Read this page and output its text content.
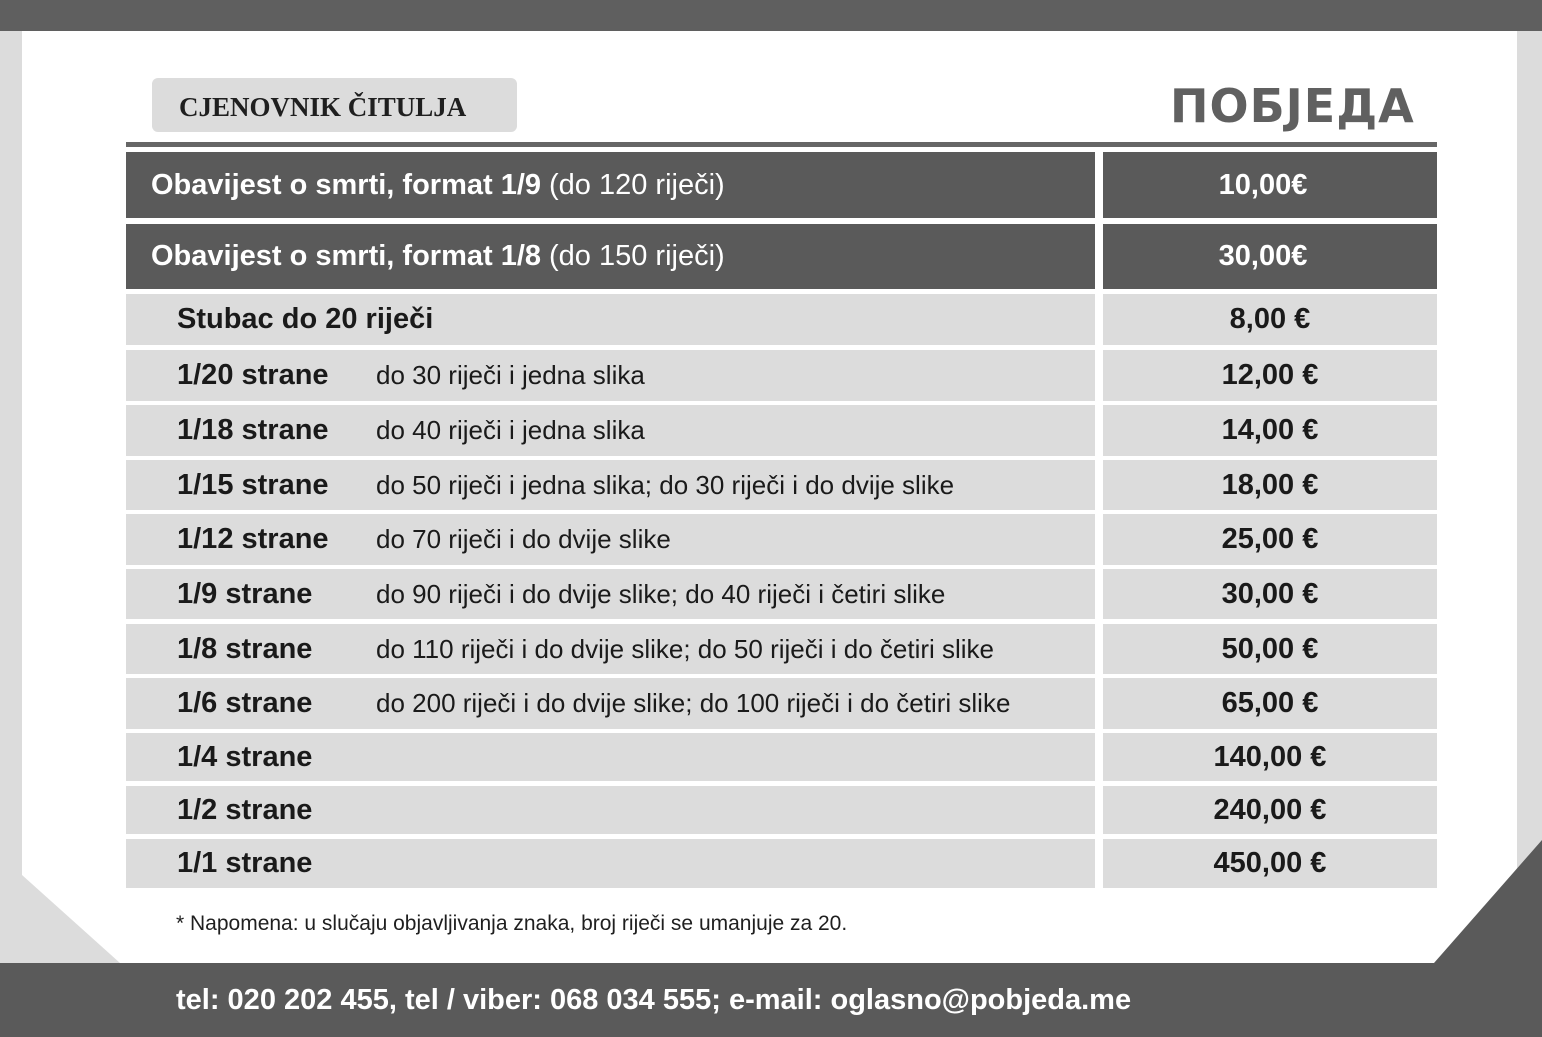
CJENOVNIK ČITULJA	ПОБЈЕДА
Obavijest o smrti, format 1/9 (do 120 riječi)	10,00€
Obavijest o smrti, format 1/8 (do 150 riječi)	30,00€
Stubac do 20 riječi	8,00 €
1/20 strane do 30 riječi i jedna slika	12,00 €
1/18 strane do 40 riječi i jedna slika	14,00 €
1/15 strane do 50 riječi i jedna slika; do 30 riječi i do dvije slike	18,00 €
1/12 strane do 70 riječi i do dvije slike	25,00 €
1/9 strane do 90 riječi i do dvije slike; do 40 riječi i četiri slike	30,00 €
1/8 strane do 110 riječi i do dvije slike; do 50 riječi i do četiri slike	50,00 €
1/6 strane do 200 riječi i do dvije slike; do 100 riječi i do četiri slike	65,00 €
1/4 strane	140,00 €
1/2 strane	240,00 €
1/1 strane	450,00 €
* Napomena: u slučaju objavljivanja znaka, broj riječi se umanjuje za 20.
tel: 020 202 455, tel / viber: 068 034 555; e-mail: oglasno@pobjeda.me
